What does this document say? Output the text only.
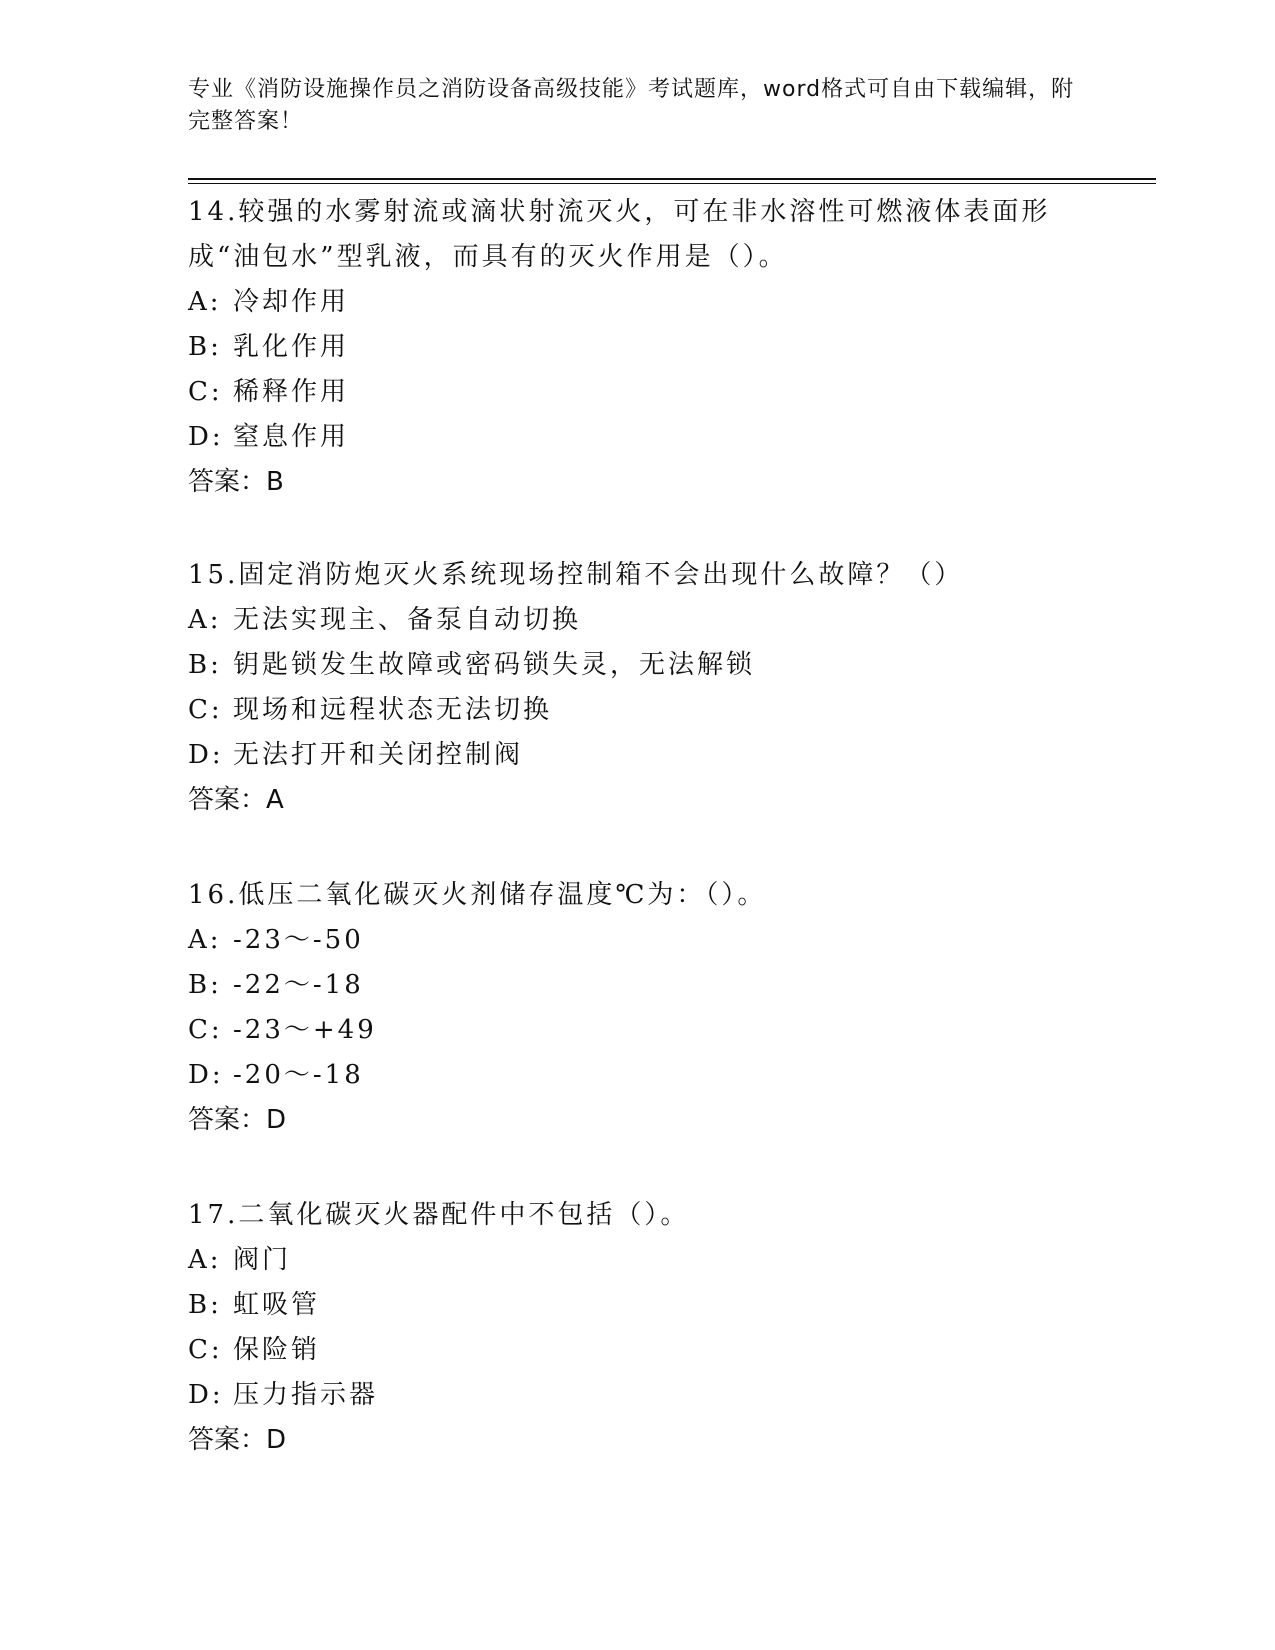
专业《消防设施操作员之消防设备高级技能》考试题库，word格式可自由下载编辑，附完整答案！

14.较强的水雾射流或滴状射流灭火，可在非水溶性可燃液体表面形成“油包水”型乳液，而具有的灭火作用是（）。

A: 冷却作用

B: 乳化作用

C: 稀释作用

D: 窒息作用

答案：B

15.固定消防炮灭火系统现场控制箱不会出现什么故障？（）

A: 无法实现主、备泵自动切换

B: 钥匙锁发生故障或密码锁失灵，无法解锁

C: 现场和远程状态无法切换

D: 无法打开和关闭控制阀

答案：A

16.低压二氧化碳灭火剂储存温度℃为：（）。

A: -23～-50

B: -22～-18

C: -23～+49

D: -20～-18

答案：D

17.二氧化碳灭火器配件中不包括（）。

A: 阀门

B: 虹吸管

C: 保险销

D: 压力指示器

答案：D
